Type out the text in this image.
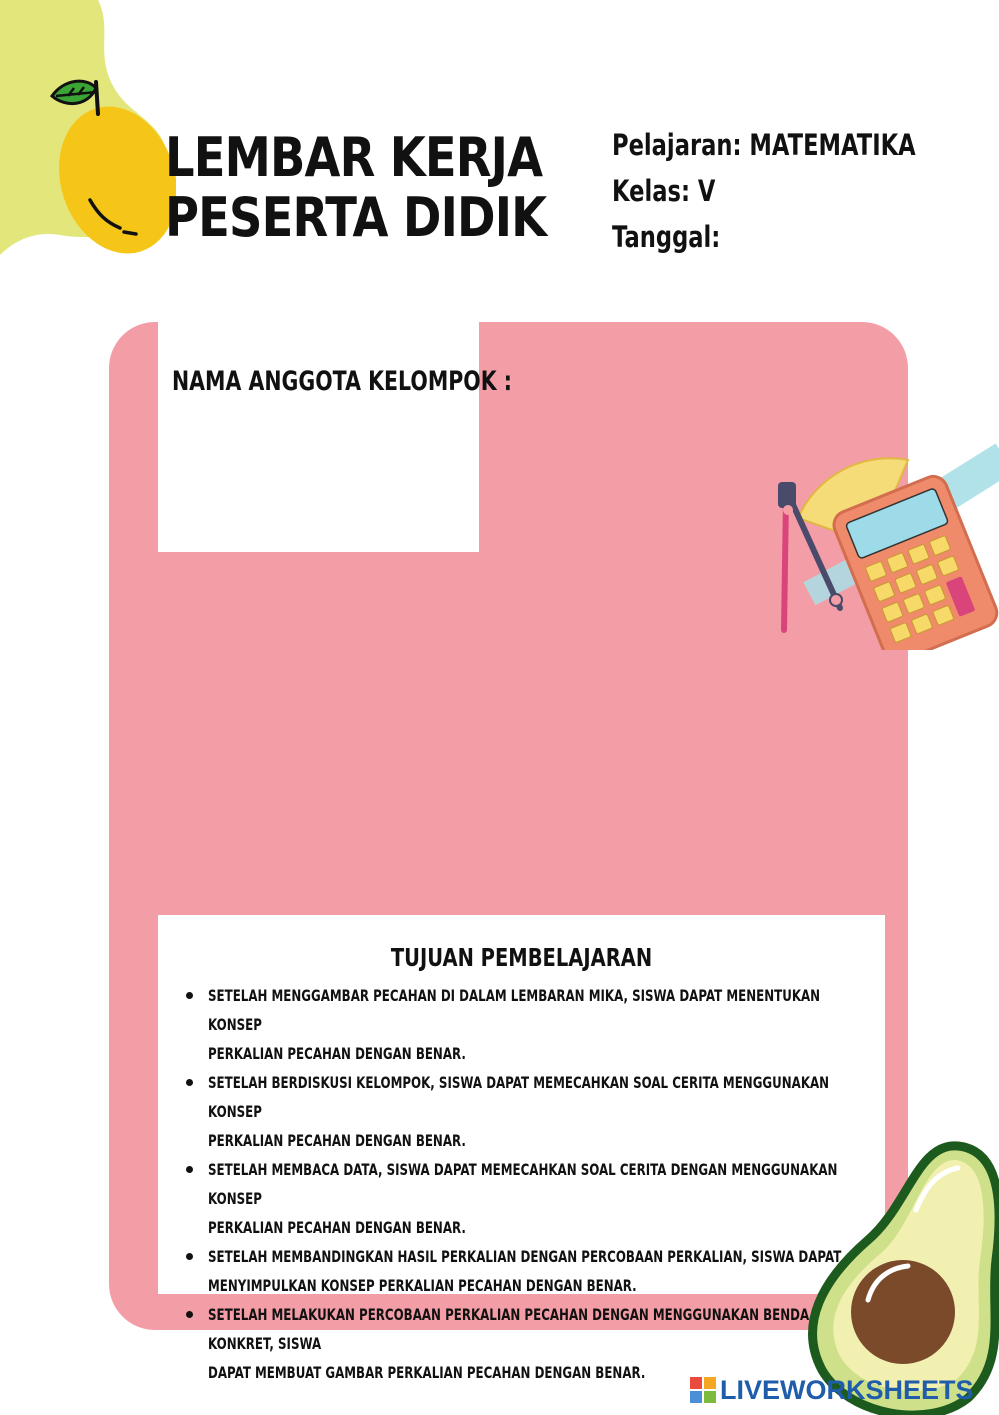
LEMBAR KERJA
PESERTA DIDIK
Pelajaran: MATEMATIKA
Kelas: V
Tanggal:

NAMA ANGGOTA KELOMPOK :

TUJUAN PEMBELAJARAN
SETELAH MENGGAMBAR PECAHAN DI DALAM LEMBARAN MIKA, SISWA DAPAT MENENTUKAN KONSEP
PERKALIAN PECAHAN DENGAN BENAR.
SETELAH BERDISKUSI KELOMPOK, SISWA DAPAT MEMECAHKAN SOAL CERITA MENGGUNAKAN KONSEP
PERKALIAN PECAHAN DENGAN BENAR.
SETELAH MEMBACA DATA, SISWA DAPAT MEMECAHKAN SOAL CERITA DENGAN MENGGUNAKAN KONSEP
PERKALIAN PECAHAN DENGAN BENAR.
SETELAH MEMBANDINGKAN HASIL PERKALIAN DENGAN PERCOBAAN PERKALIAN, SISWA DAPAT
MENYIMPULKAN KONSEP PERKALIAN PECAHAN DENGAN BENAR.
SETELAH MELAKUKAN PERCOBAAN PERKALIAN PECAHAN DENGAN MENGGUNAKAN BENDA KONKRET, SISWA
DAPAT MEMBUAT GAMBAR PERKALIAN PECAHAN DENGAN BENAR.
LIVEWORKSHEETS
